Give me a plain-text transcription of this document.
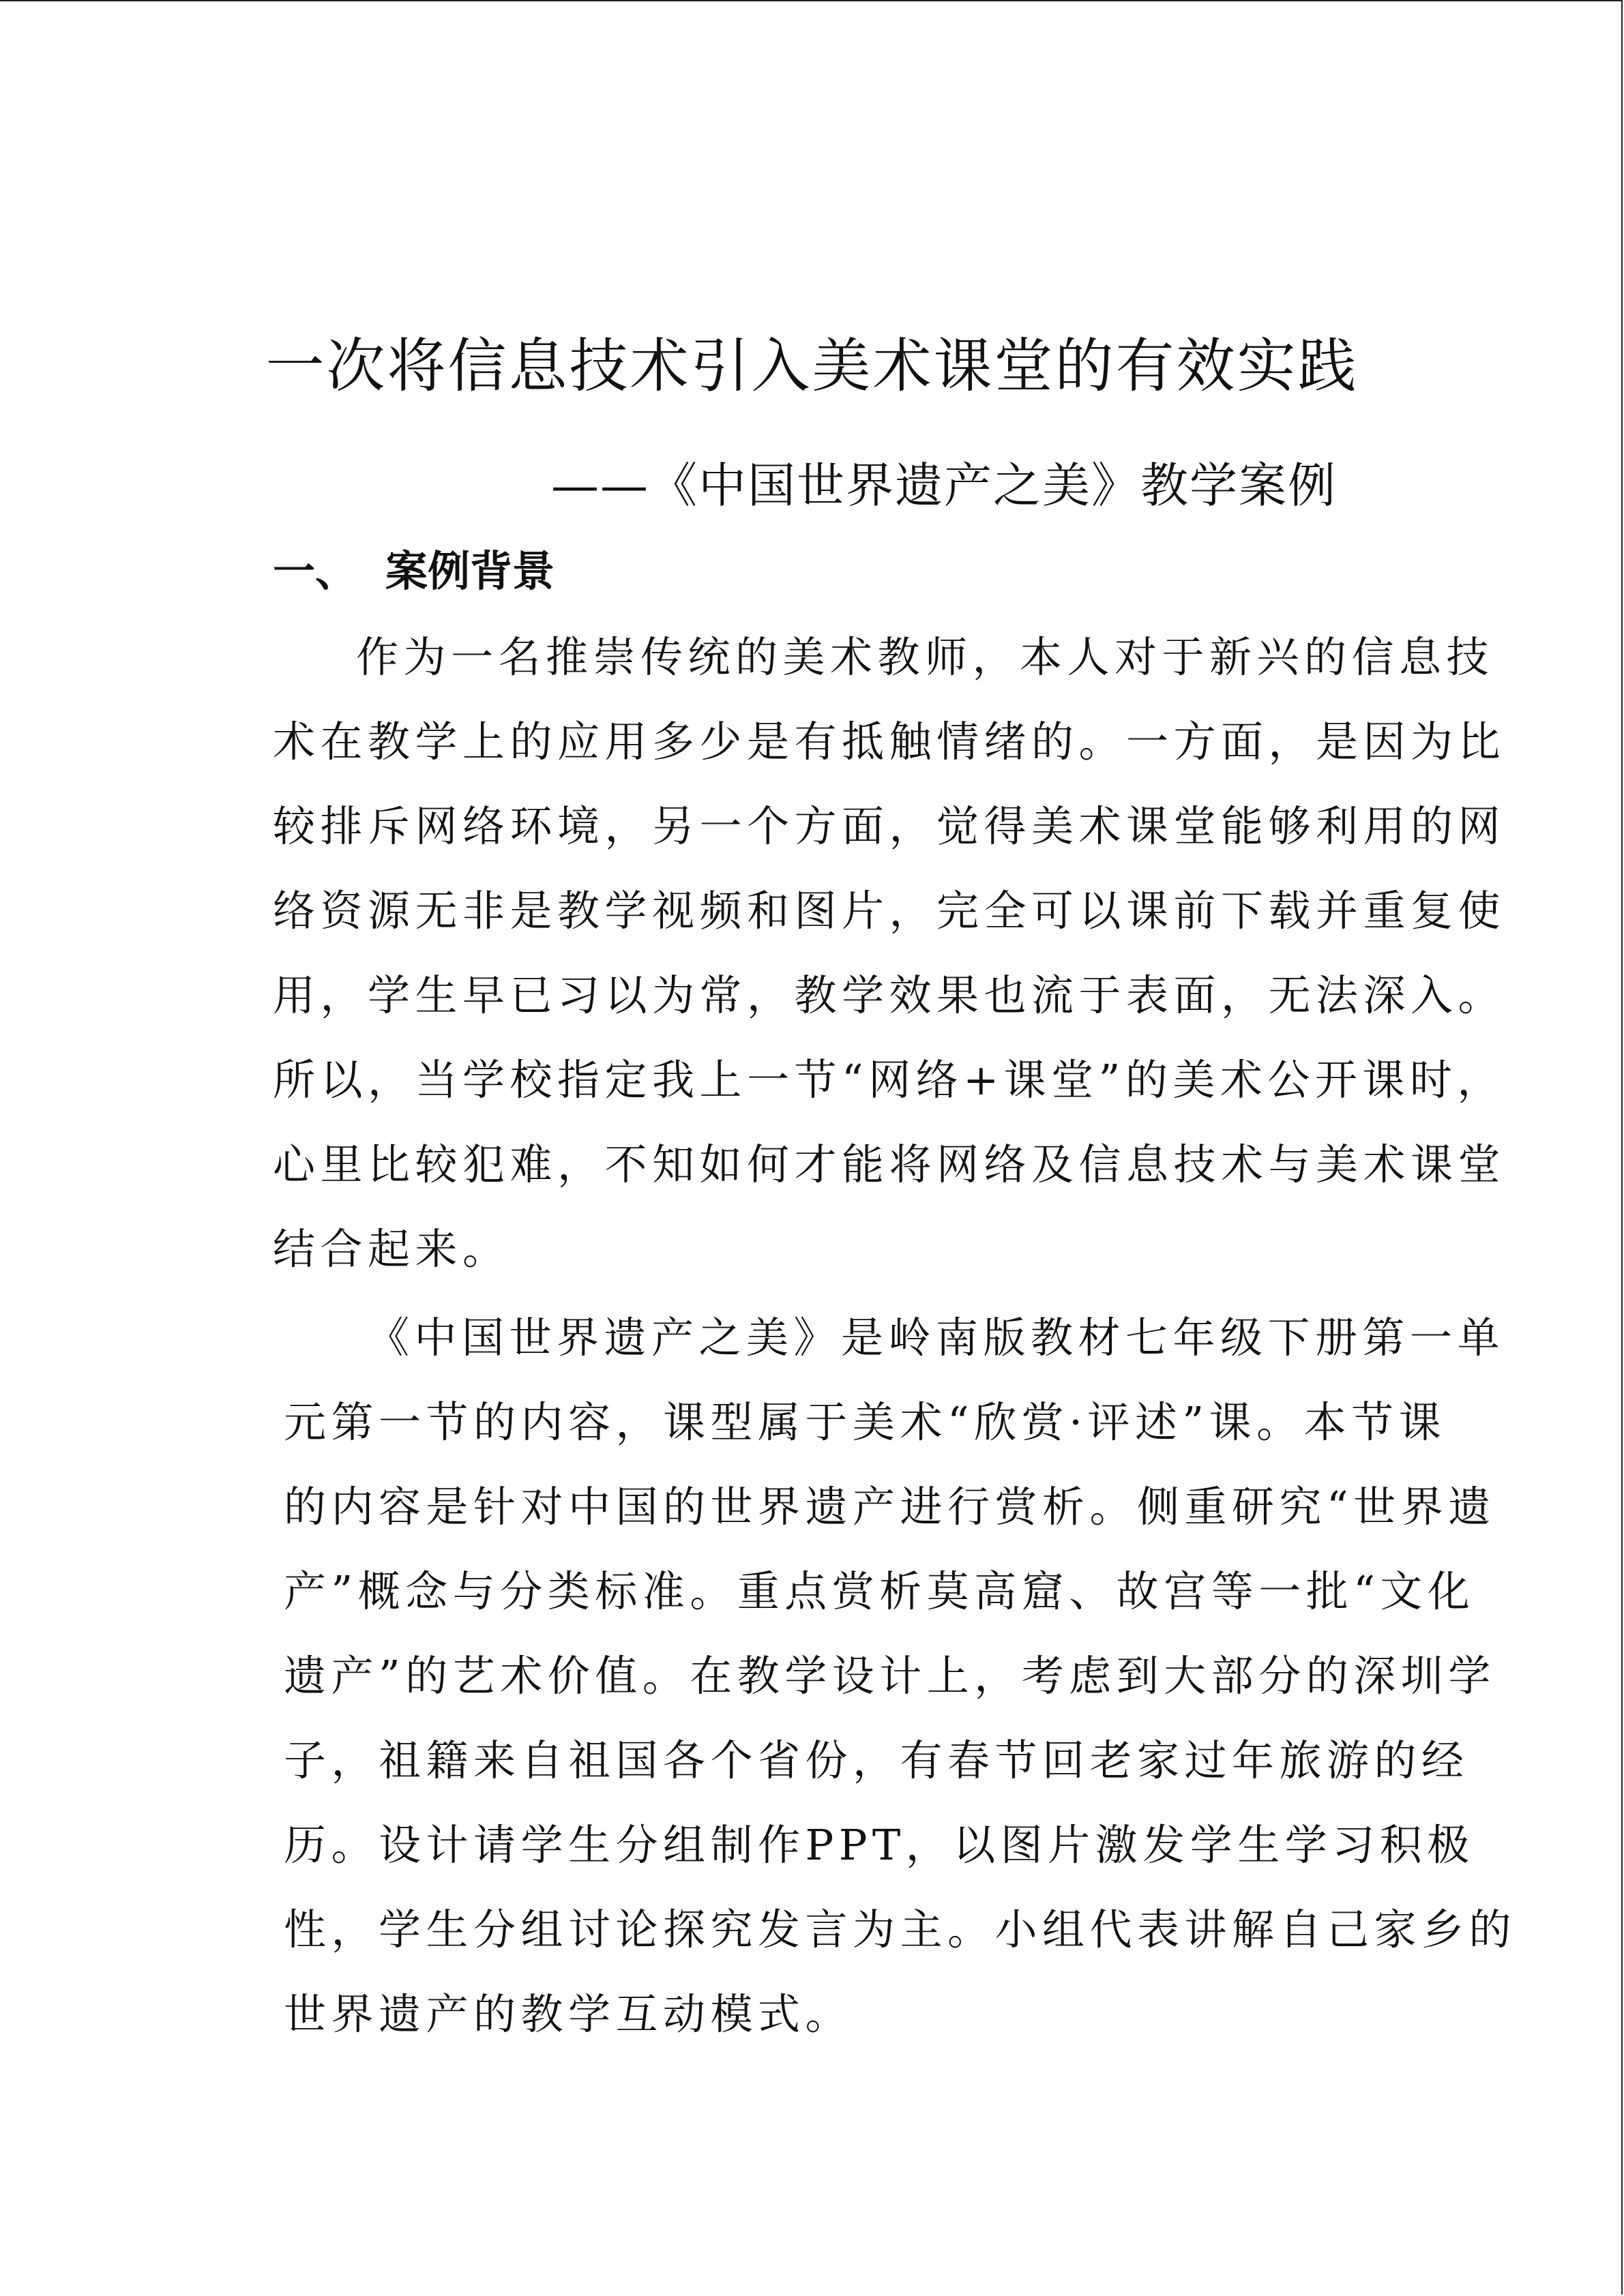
一次将信息技术引入美术课堂的有效实践

——《中国世界遗产之美》教学案例

一、 案例背景
作为一名推崇传统的美术教师，本人对于新兴的信息技
术在教学上的应用多少是有抵触情绪的。一方面，是因为比
较排斥网络环境，另一个方面，觉得美术课堂能够利用的网
络资源无非是教学视频和图片，完全可以课前下载并重复使
用，学生早已习以为常，教学效果也流于表面，无法深入。
所以，当学校指定我上一节“网络+课堂”的美术公开课时，
心里比较犯难，不知如何才能将网络及信息技术与美术课堂
结合起来。
《中国世界遗产之美》是岭南版教材七年级下册第一单
元第一节的内容，课型属于美术“欣赏·评述”课。本节课
的内容是针对中国的世界遗产进行赏析。侧重研究“世界遗
产”概念与分类标准。重点赏析莫高窟、故宫等一批“文化
遗产”的艺术价值。在教学设计上，考虑到大部分的深圳学
子，祖籍来自祖国各个省份，有春节回老家过年旅游的经
历。设计请学生分组制作PPT，以图片激发学生学习积极
性，学生分组讨论探究发言为主。小组代表讲解自己家乡的
世界遗产的教学互动模式。
